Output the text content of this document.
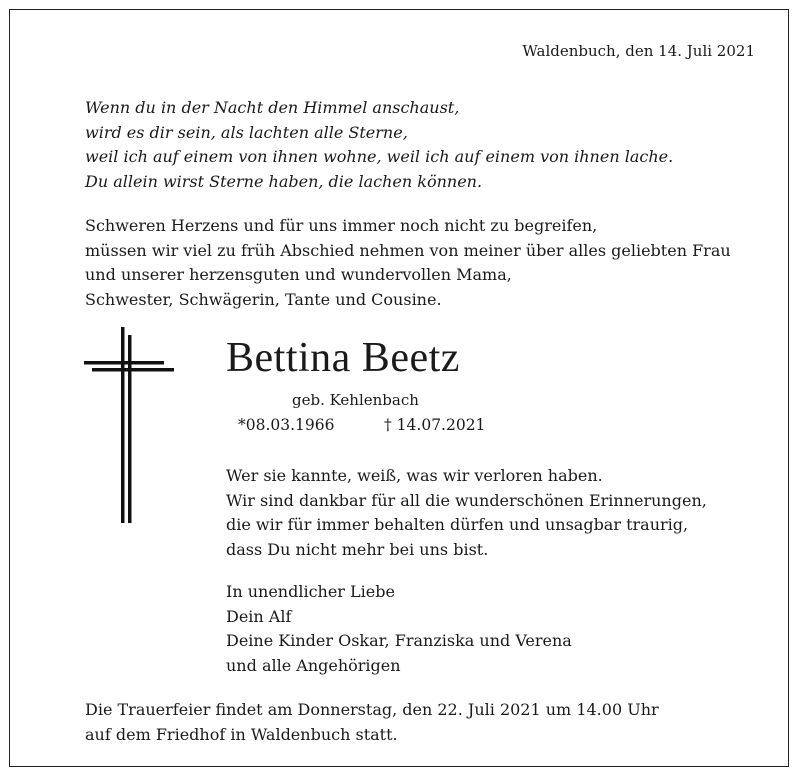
Waldenbuch, den 14. Juli 2021
Wenn du in der Nacht den Himmel anschaust,
wird es dir sein, als lachten alle Sterne,
weil ich auf einem von ihnen wohne, weil ich auf einem von ihnen lache.
Du allein wirst Sterne haben, die lachen können.
Schweren Herzens und für uns immer noch nicht zu begreifen,
müssen wir viel zu früh Abschied nehmen von meiner über alles geliebten Frau
und unserer herzensguten und wundervollen Mama,
Schwester, Schwägerin, Tante und Cousine.
Bettina Beetz
geb. Kehlenbach
*08.03.1966	† 14.07.2021
Wer sie kannte, weiß, was wir verloren haben.
Wir sind dankbar für all die wunderschönen Erinnerungen,
die wir für immer behalten dürfen und unsagbar traurig,
dass Du nicht mehr bei uns bist.
In unendlicher Liebe
Dein Alf
Deine Kinder Oskar, Franziska und Verena
und alle Angehörigen
Die Trauerfeier findet am Donnerstag, den 22. Juli 2021 um 14.00 Uhr
auf dem Friedhof in Waldenbuch statt.
